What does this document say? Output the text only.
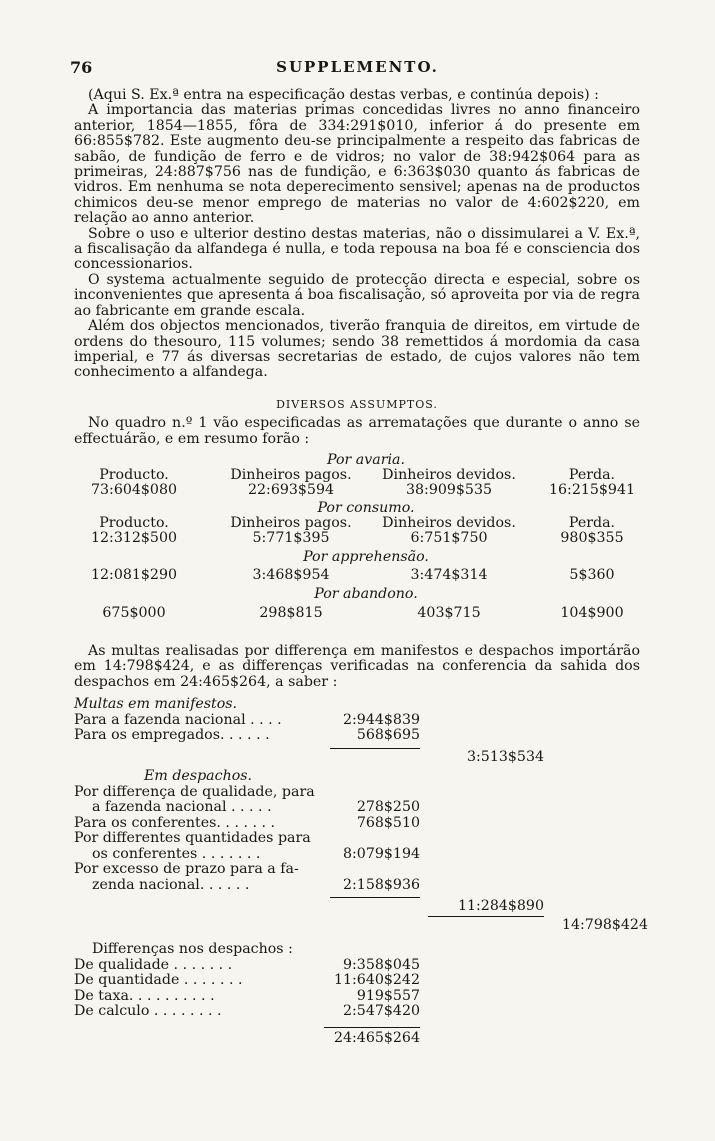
76	SUPPLEMENTO.

(Aqui S. Ex.ª entra na especificação destas verbas, e continúa depois) :

A importancia das materias primas concedidas livres no anno financeiro anterior, 1854—1855, fôra de 334:291$010, inferior á do presente em 66:855$782. Este augmento deu-se principalmente a respeito das fabricas de sabão, de fundição de ferro e de vidros; no valor de 38:942$064 para as primeiras, 24:887$756 nas de fundição, e 6:363$030 quanto ás fabricas de vidros. Em nenhuma se nota deperecimento sensivel; apenas na de productos chimicos deu-se menor emprego de materias no valor de 4:602$220, em relação ao anno anterior.

Sobre o uso e ulterior destino destas materias, não o dissimularei a V. Ex.ª, a fiscalisação da alfandega é nulla, e toda repousa na boa fé e consciencia dos concessionarios.

O systema actualmente seguido de protecção directa e especial, sobre os inconvenientes que apresenta á boa fiscalisação, só aproveita por via de regra ao fabricante em grande escala.

Além dos objectos mencionados, tiverão franquia de direitos, em virtude de ordens do thesouro, 115 volumes; sendo 38 remettidos á mordomia da casa imperial, e 77 ás diversas secretarias de estado, de cujos valores não tem conhecimento a alfandega.

DIVERSOS ASSUMPTOS.

No quadro n.º 1 vão especificadas as arrematações que durante o anno se effectuárão, e em resumo forão :

Por avaria.
Producto.	Dinheiros pagos.	Dinheiros devidos.	Perda.
73:604$080	22:693$594	38:909$535	16:215$941
Por consumo.
Producto.	Dinheiros pagos.	Dinheiros devidos.	Perda.
12:312$500	5:771$395	6:751$750	980$355
Por apprehensão.
12:081$290	3:468$954	3:474$314	5$360
Por abandono.
675$000	298$815	403$715	104$900

As multas realisadas por differença em manifestos e despachos importárão em 14:798$424, e as differenças verificadas na conferencia da sahida dos despachos em 24:465$264, a saber :

Multas em manifestos.
Para a fazenda nacional . . . .	2:944$839
Para os empregados. . . . . .	568$695
3:513$534
Em despachos.
Por differença de qualidade, para
a fazenda nacional . . . . .	278$250
Para os conferentes. . . . . . .	768$510
Por differentes quantidades para
os conferentes . . . . . . .	8:079$194
Por excesso de prazo para a fa-
zenda nacional. . . . . .	2:158$936
11:284$890
14:798$424
Differenças nos despachos :
De qualidade . . . . . . .	9:358$045
De quantidade . . . . . . .	11:640$242
De taxa. . . . . . . . . .	919$557
De calculo . . . . . . . .	2:547$420
24:465$264
